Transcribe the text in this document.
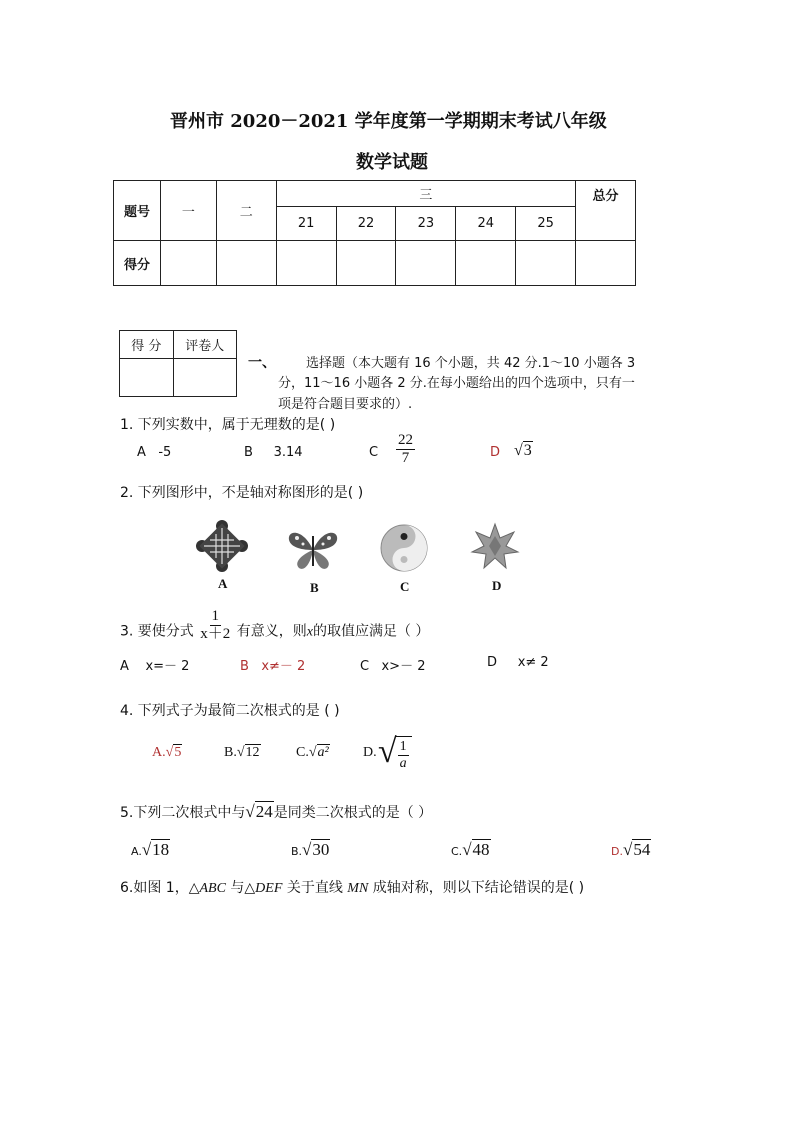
晋州市 2020－2021 学年度第一学期期末考试八年级
数学试题
题号	一	二	三					总分
			21	22	23	24	25	
得分								
得 分	评卷人

一、 选择题（本大题有 16 个小题，共 42 分.1～10 小题各 3
分，11～16 小题各 2 分.在每小题给出的四个选项中，只有一
项是符合题目要求的）.
1. 下列实数中，属于无理数的是( )
A -5	B 3.14	C $\frac{22}{7}$	D √3
2. 下列图形中，不是轴对称图形的是( )
A	B	C	D
3. 要使分式 $\frac{1}{x+2}$ 有意义，则x的取值应满足（ ）
A x=－ 2	B x≠－ 2	C x>－ 2	D x≠ 2
4. 下列式子为最简二次根式的是 ( )
A.√5	B.√12	C.√a² D. √
$\frac{1}{a}$
5.下列二次根式中与√24是同类二次根式的是（ ）
A.√18	B.√30	C.√48	D.√54
6.如图 1，△ABC 与△DEF 关于直线 MN 成轴对称，则以下结论错误的是( )
